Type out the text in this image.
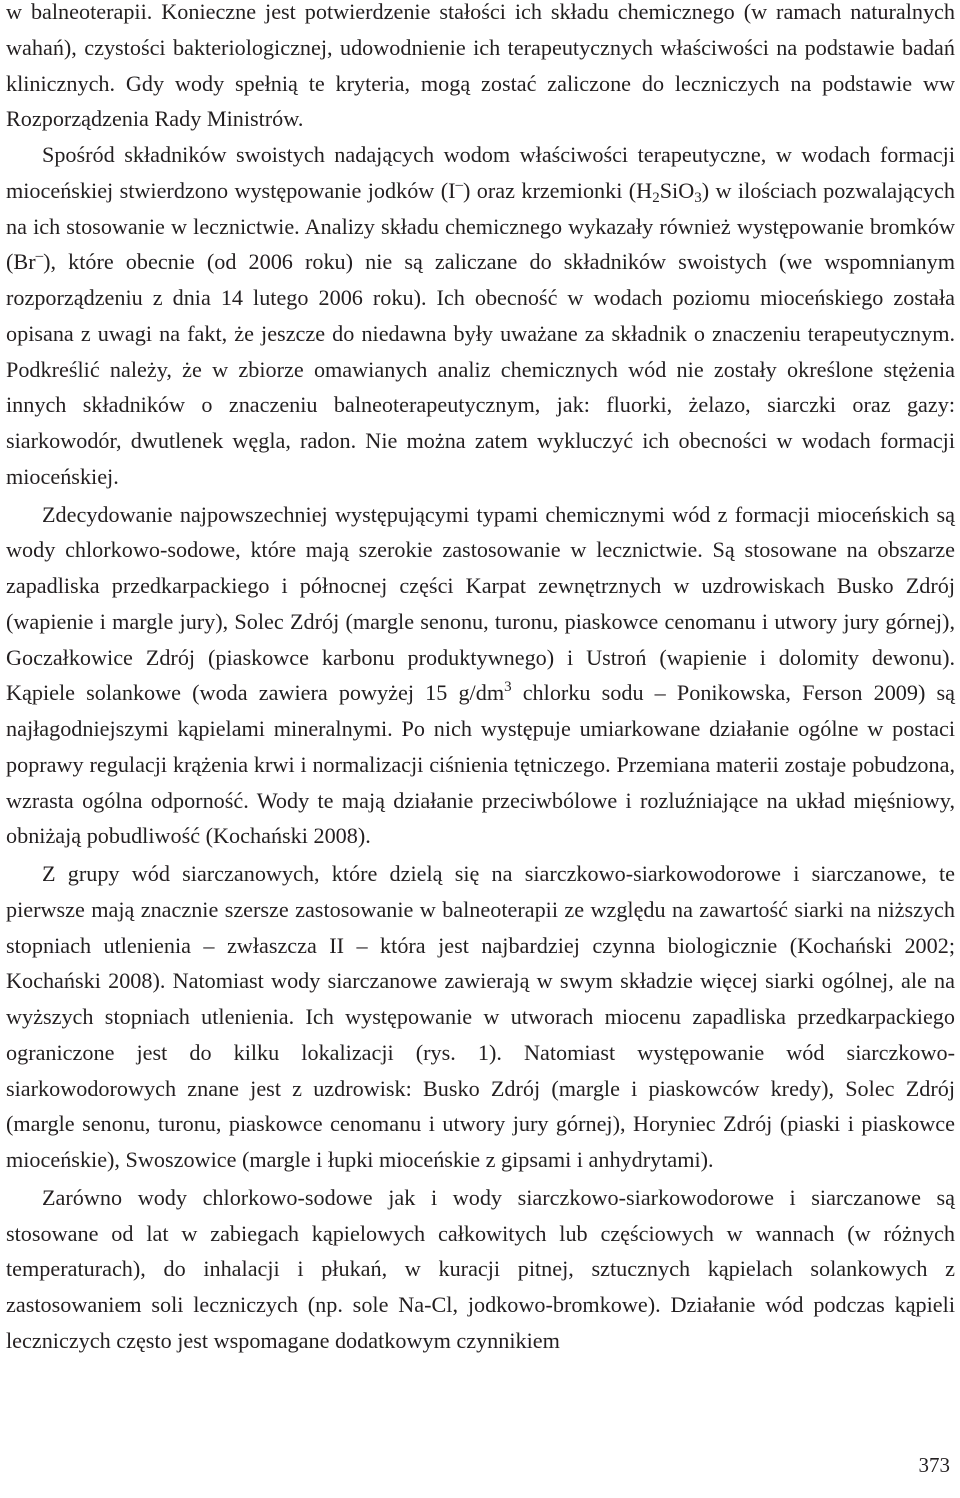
w balneoterapii. Konieczne jest potwierdzenie stałości ich składu chemicznego (w ramach naturalnych wahań), czystości bakteriologicznej, udowodnienie ich terapeutycznych właściwości na podstawie badań klinicznych. Gdy wody spełnią te kryteria, mogą zostać zaliczone do leczniczych na podstawie ww Rozporządzenia Rady Ministrów.

Spośród składników swoistych nadających wodom właściwości terapeutyczne, w wodach formacji mioceńskiej stwierdzono występowanie jodków (I–) oraz krzemionki $(H_2SiO_3)$ w ilościach pozwalających na ich stosowanie w lecznictwie. Analizy składu chemicznego wykazały również występowanie bromków (Br–), które obecnie (od 2006 roku) nie są zaliczane do składników swoistych (we wspomnianym rozporządzeniu z dnia 14 lutego 2006 roku). Ich obecność w wodach poziomu mioceńskiego została opisana z uwagi na fakt, że jeszcze do niedawna były uważane za składnik o znaczeniu terapeutycznym. Podkreślić należy, że w zbiorze omawianych analiz chemicznych wód nie zostały określone stężenia innych składników o znaczeniu balneoterapeutycznym, jak: fluorki, żelazo, siarczki oraz gazy: siarkowodór, dwutlenek węgla, radon. Nie można zatem wykluczyć ich obecności w wodach formacji mioceńskiej.

Zdecydowanie najpowszechniej występującymi typami chemicznymi wód z formacji mioceńskich są wody chlorkowo-sodowe, które mają szerokie zastosowanie w lecznictwie. Są stosowane na obszarze zapadliska przedkarpackiego i północnej części Karpat zewnętrznych w uzdrowiskach Busko Zdrój (wapienie i margle jury), Solec Zdrój (margle senonu, turonu, piaskowce cenomanu i utwory jury górnej), Goczałkowice Zdrój (piaskowce karbonu produktywnego) i Ustroń (wapienie i dolomity dewonu). Kąpiele solankowe (woda zawiera powyżej 15 $g/dm^3$ chlorku sodu – Ponikowska, Ferson 2009) są najłagodniejszymi kąpielami mineralnymi. Po nich występuje umiarkowane działanie ogólne w postaci poprawy regulacji krążenia krwi i normalizacji ciśnienia tętniczego. Przemiana materii zostaje pobudzona, wzrasta ogólna odporność. Wody te mają działanie przeciwbólowe i rozluźniające na układ mięśniowy, obniżają pobudliwość (Kochański 2008).

Z grupy wód siarczanowych, które dzielą się na siarczkowo-siarkowodorowe i siarczanowe, te pierwsze mają znacznie szersze zastosowanie w balneoterapii ze względu na zawartość siarki na niższych stopniach utlenienia – zwłaszcza II – która jest najbardziej czynna biologicznie (Kochański 2002; Kochański 2008). Natomiast wody siarczanowe zawierają w swym składzie więcej siarki ogólnej, ale na wyższych stopniach utlenienia. Ich występowanie w utworach miocenu zapadliska przedkarpackiego ograniczone jest do kilku lokalizacji (rys. 1). Natomiast występowanie wód siarczkowo-siarkowodorowych znane jest z uzdrowisk: Busko Zdrój (margle i piaskowców kredy), Solec Zdrój (margle senonu, turonu, piaskowce cenomanu i utwory jury górnej), Horyniec Zdrój (piaski i piaskowce mioceńskie), Swoszowice (margle i łupki mioceńskie z gipsami i anhydrytami).

Zarówno wody chlorkowo-sodowe jak i wody siarczkowo-siarkowodorowe i siarczanowe są stosowane od lat w zabiegach kąpielowych całkowitych lub częściowych w wannach (w różnych temperaturach), do inhalacji i płukań, w kuracji pitnej, sztucznych kąpielach solankowych z zastosowaniem soli leczniczych (np. sole Na-Cl, jodkowo-bromkowe). Działanie wód podczas kąpieli leczniczych często jest wspomagane dodatkowym czynnikiem

373
